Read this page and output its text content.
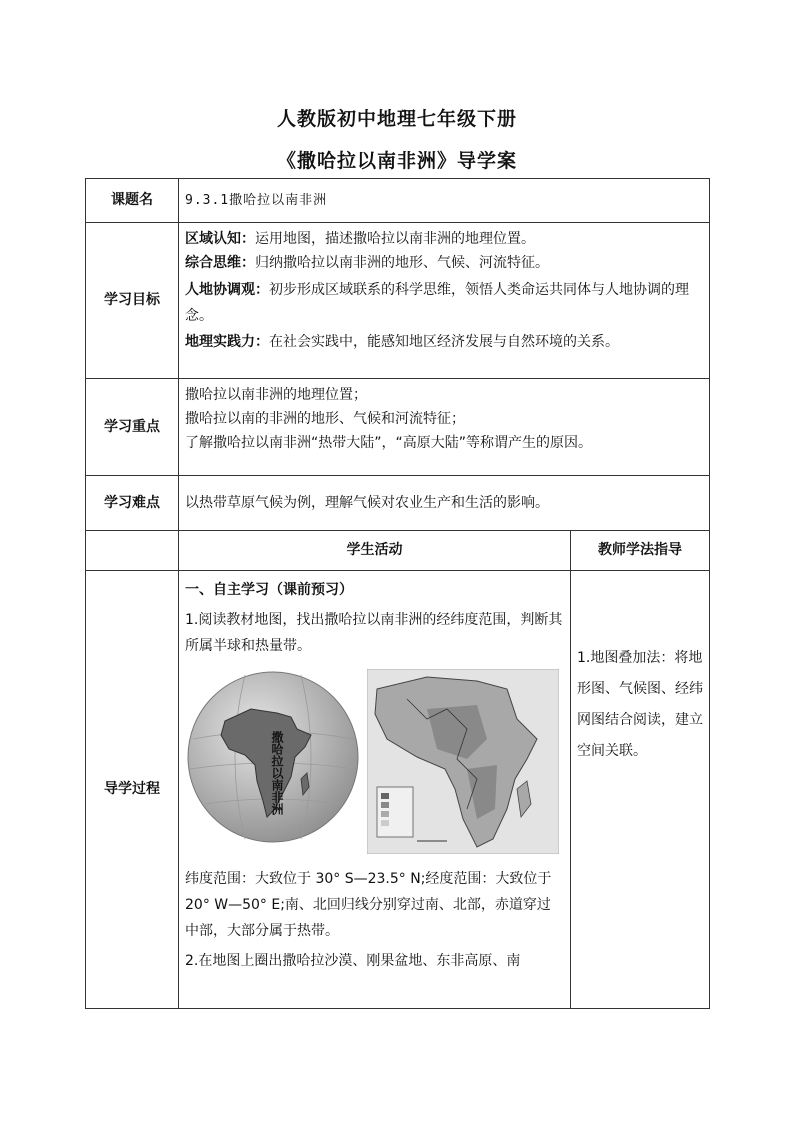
人教版初中地理七年级下册
《撒哈拉以南非洲》导学案
课题名	9.3.1撒哈拉以南非洲	

学习目标	区域认知：运用地图，描述撒哈拉以南非洲的地理位置。
综合思维：归纳撒哈拉以南非洲的地形、气候、河流特征。
人地协调观：初步形成区域联系的科学思维，领悟人类命运共同体与人地协调的理念。
地理实践力：在社会实践中，能感知地区经济发展与自然环境的关系。	

学习重点	撒哈拉以南非洲的地理位置；
撒哈拉以南的非洲的地形、气候和河流特征；
了解撒哈拉以南非洲“热带大陆”，“高原大陆”等称谓产生的原因。	

学习难点	以热带草原气候为例，理解气候对农业生产和生活的影响。	

	学生活动	教师学法指导
导学过程	一、自主学习（课前预习）
1.阅读教材地图，找出撒哈拉以南非洲的经纬度范围，判断其所属半球和热量带。
撒哈拉以南非洲
纬度范围：大致位于 30° S—23.5° N;经度范围：大致位于 20° W—50° E;南、北回归线分别穿过南、北部，赤道穿过中部，大部分属于热带。
2.在地图上圈出撒哈拉沙漠、刚果盆地、东非高原、南	1.地图叠加法：将地形图、气候图、经纬网图结合阅读，建立空间关联。
